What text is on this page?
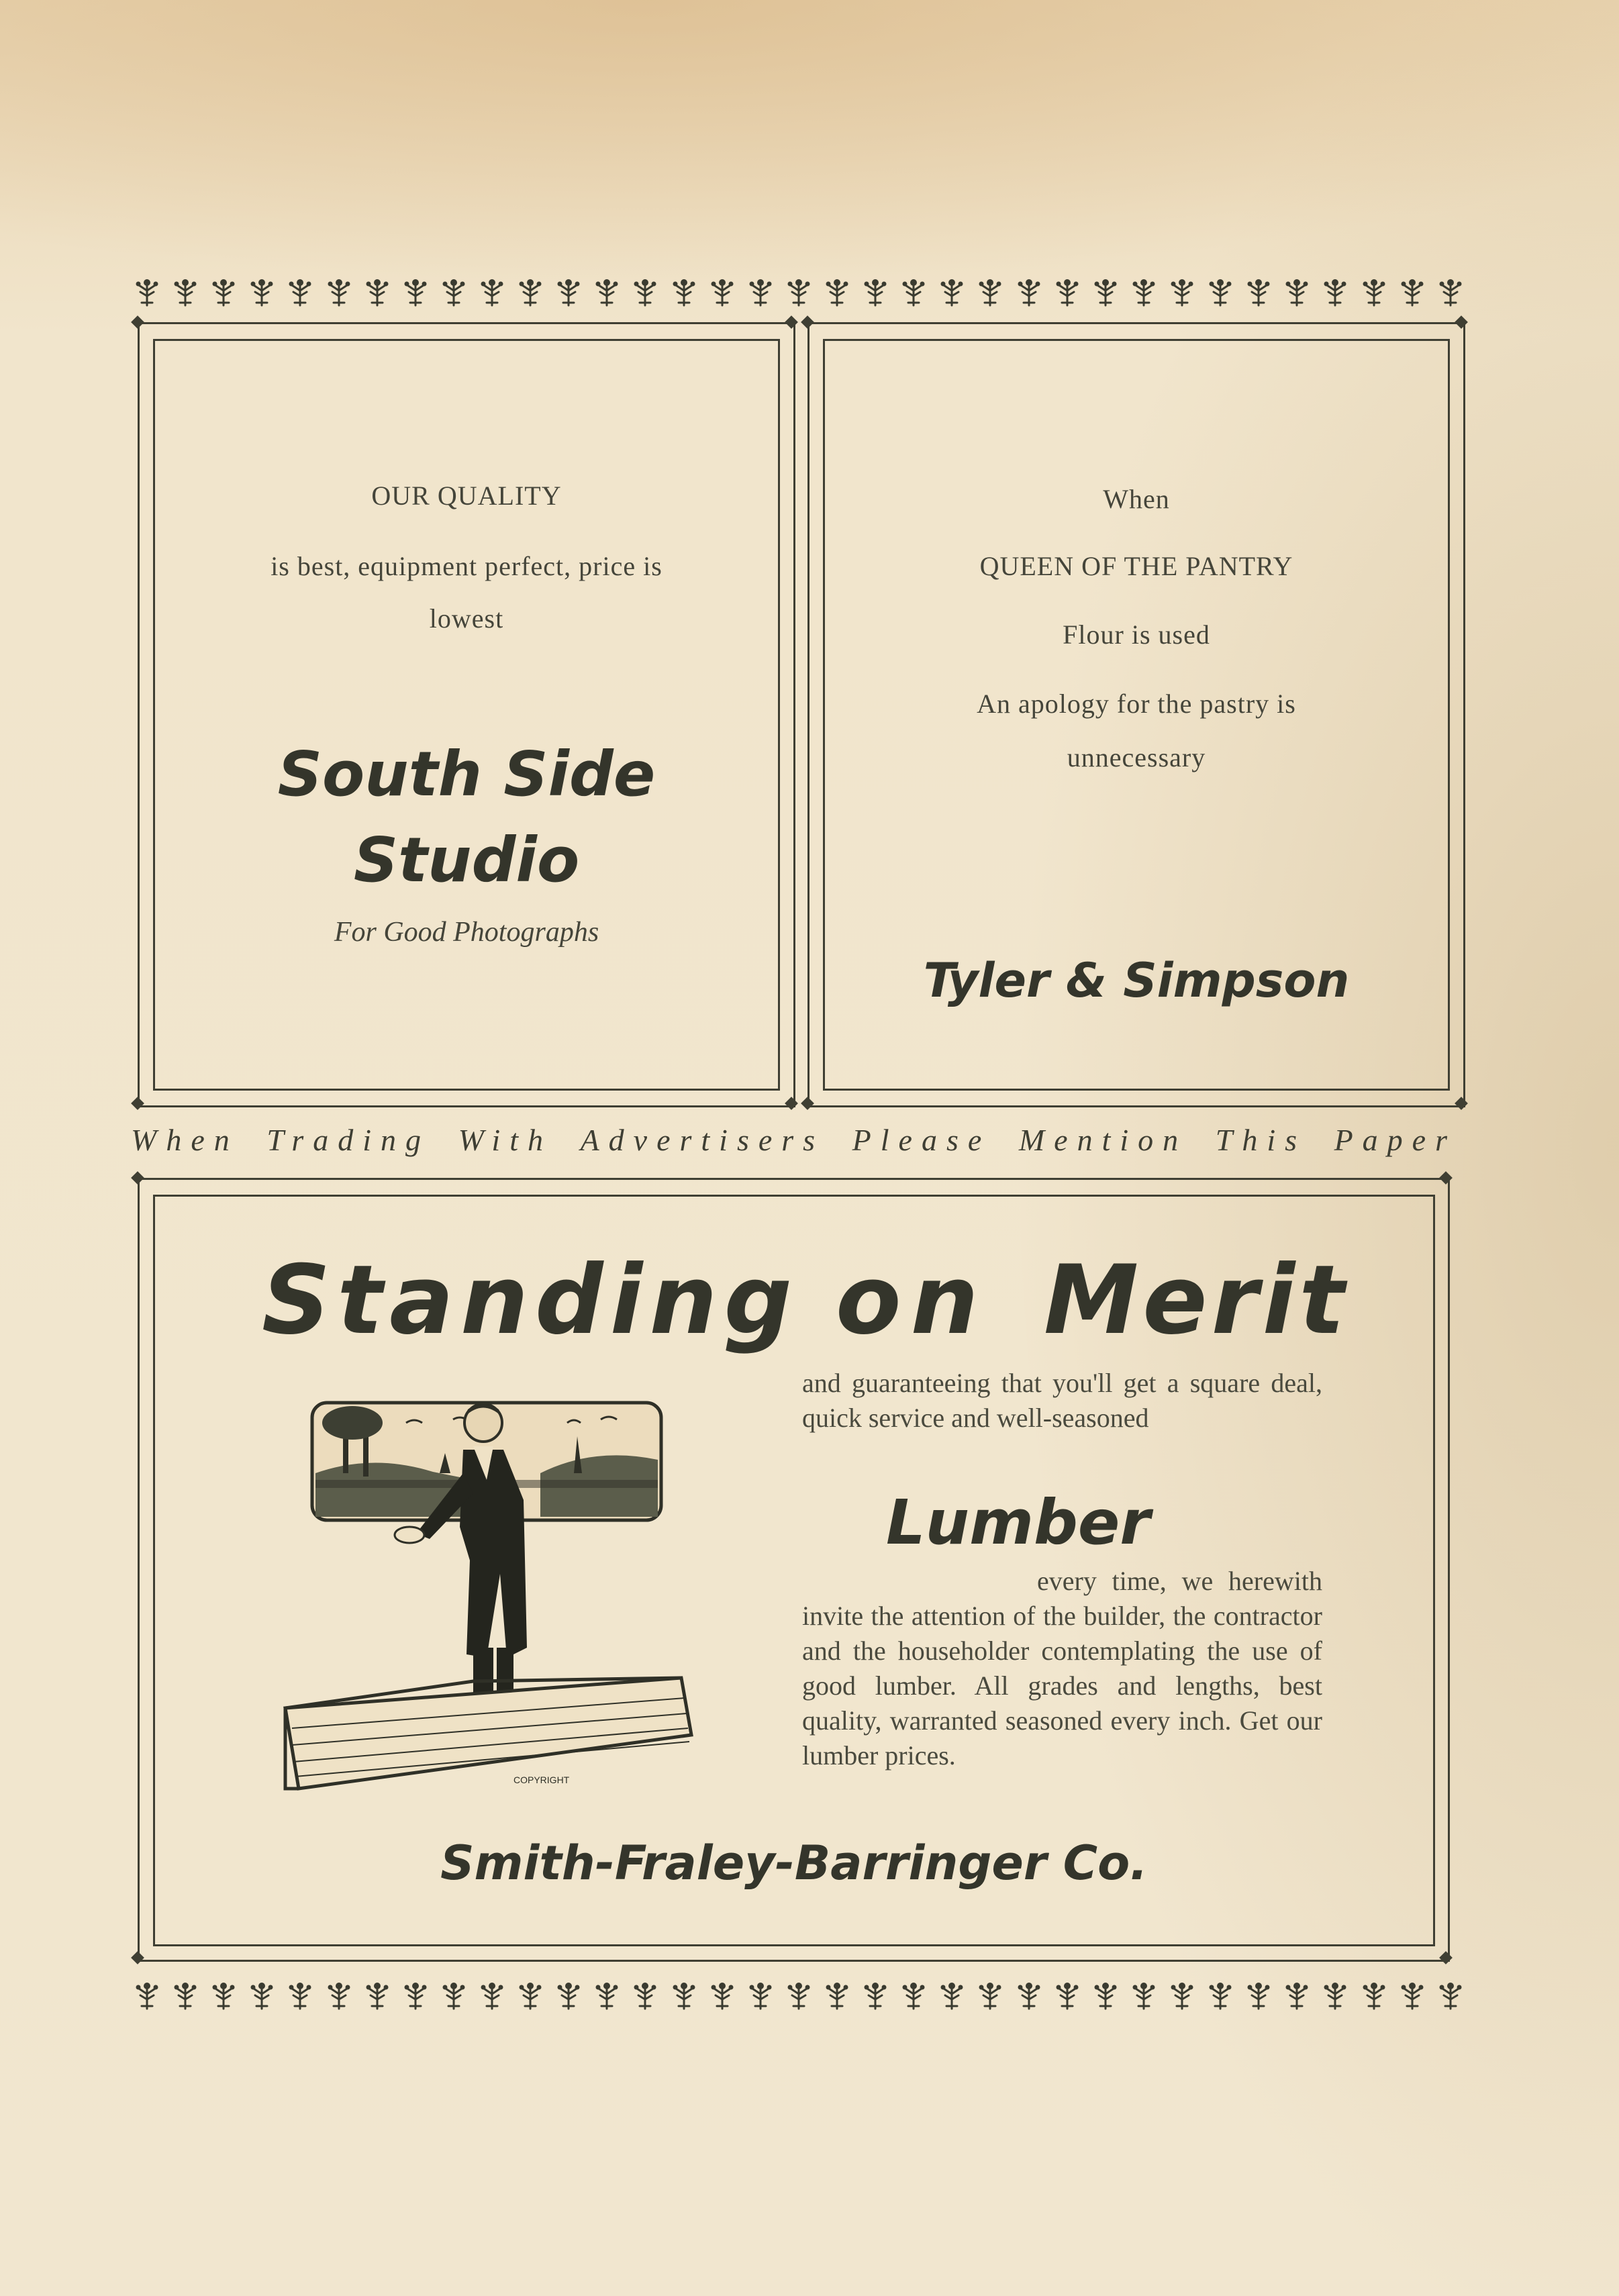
OUR QUALITY
is best, equipment perfect, price is
lowest
South Side
Studio
For Good Photographs
When
QUEEN OF THE PANTRY
Flour is used
An apology for the pastry is
unnecessary
Tyler & Simpson
When Trading With Advertisers Please Mention This Paper
Standing on Merit
COPYRIGHT
and guaranteeing that you'll get a square deal, quick service and well-seasoned
Lumber
every time, we herewith invite the attention of the builder, the contractor and the householder contemplating the use of good lumber. All grades and lengths, best quality, warranted seasoned every inch. Get our lumber prices.
Smith-Fraley-Barringer Co.
